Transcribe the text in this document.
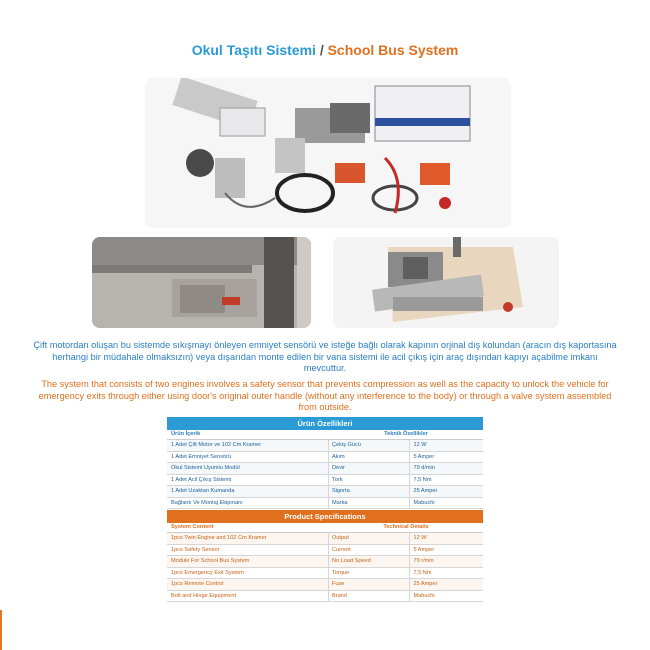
Okul Taşıtı Sistemi / School Bus System
Çift motordan oluşan bu sistemde sıkışmayı önleyen emniyet sensörü ve isteğe bağlı olarak kapının orjinal dış kolundan (aracın dış kaportasına herhangi bir müdahale olmaksızın) veya dışarıdan monte edilen bir vana sistemi ile acil çıkış için araç dışından kapıyı açabilme imkanı mevcuttur.
The system that consists of two engines involves a safety sensor that prevents compression as well as the capacity to unlock the vehicle for emergency exits through either using door's original outer handle (without any interference to the body) or through a valve system assembled from outside.
Ürün Özellikleri
Ürün İçerik	Teknik Özellikler
1 Adet Çift Motor ve 102 Cm Kramer	Çekiş Gücü	12 W
1 Adet Emniyet Sensörü	Akım	5 Amper
Okul Sistemi Uyumlu Modül	Devir	79 d/min
1 Adet Acil Çıkış Sistemi	Tork	7,5 Nm
1 Adet Uzaktan Kumanda	Sigorta	25 Amper
Bağlantı Ve Montaj Ekipmanı	Marka	Mabuchi
Product Specifications
System Content	Technical Details
1pcs Twin Engine and 102 Cm Kramer	Output	12 W
1pcs Safety Sensor	Current	5 Amper
Module For School Bus System	No Load Speed	79 r/min
1pcs Emergency Exit System	Torque	7,5 Nm
1pcs Remote Control	Fuse	25 Amper
Bolt and Hinge Equipment	Brand	Mabuchi
